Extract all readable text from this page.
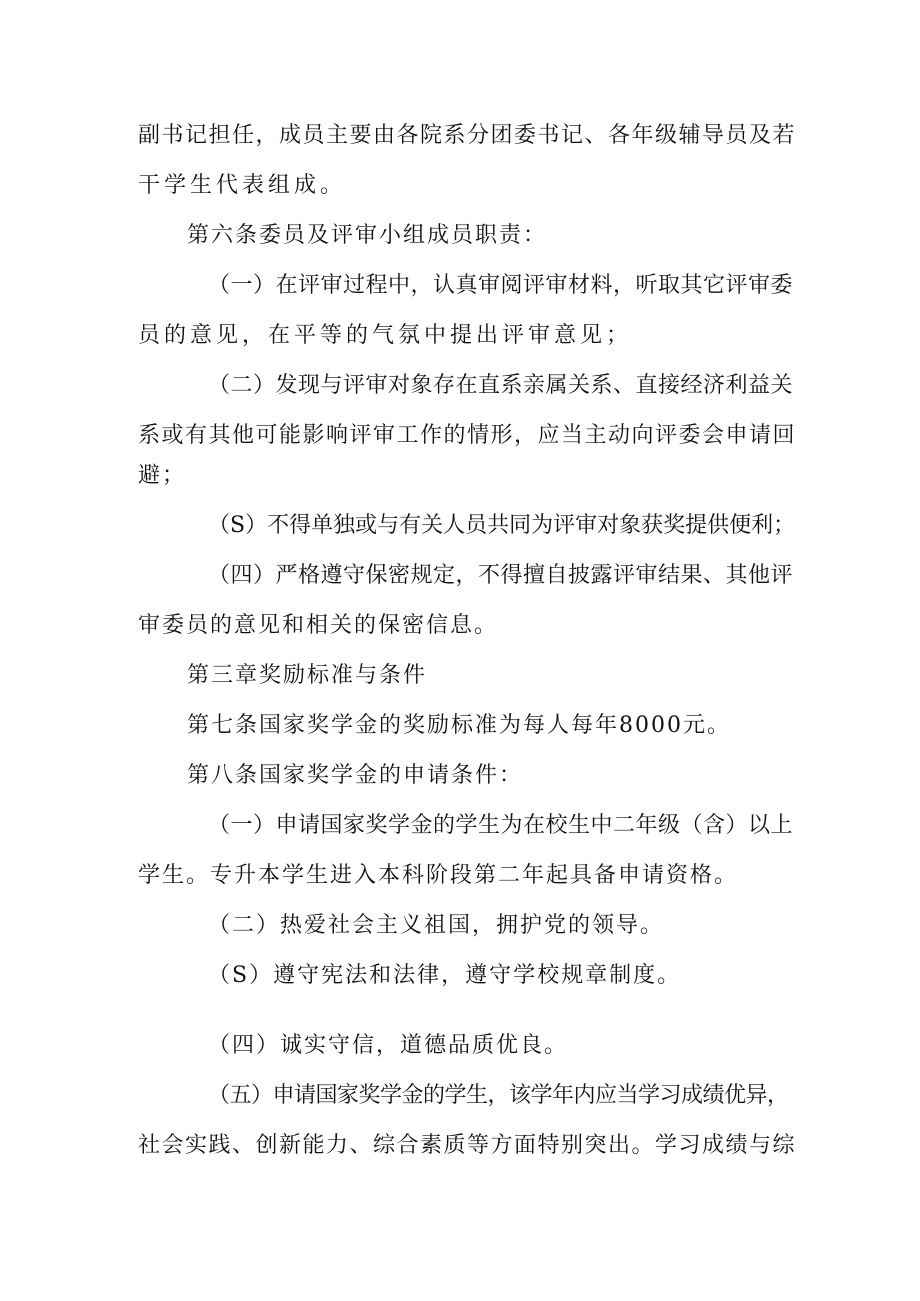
副书记担任，成员主要由各院系分团委书记、各年级辅导员及若

干学生代表组成。

第六条委员及评审小组成员职责：

（一）在评审过程中，认真审阅评审材料，听取其它评审委

员的意见，在平等的气氛中提出评审意见；

（二）发现与评审对象存在直系亲属关系、直接经济利益关

系或有其他可能影响评审工作的情形，应当主动向评委会申请回

避；

（S）不得单独或与有关人员共同为评审对象获奖提供便利；

（四）严格遵守保密规定，不得擅自披露评审结果、其他评

审委员的意见和相关的保密信息。

第三章奖励标准与条件

第七条国家奖学金的奖励标准为每人每年8000元。

第八条国家奖学金的申请条件：

（一）申请国家奖学金的学生为在校生中二年级（含）以上

学生。专升本学生进入本科阶段第二年起具备申请资格。

（二）热爱社会主义祖国，拥护党的领导。

（S）遵守宪法和法律，遵守学校规章制度。

（四）诚实守信，道德品质优良。

（五）申请国家奖学金的学生，该学年内应当学习成绩优异，

社会实践、创新能力、综合素质等方面特别突出。学习成绩与综
